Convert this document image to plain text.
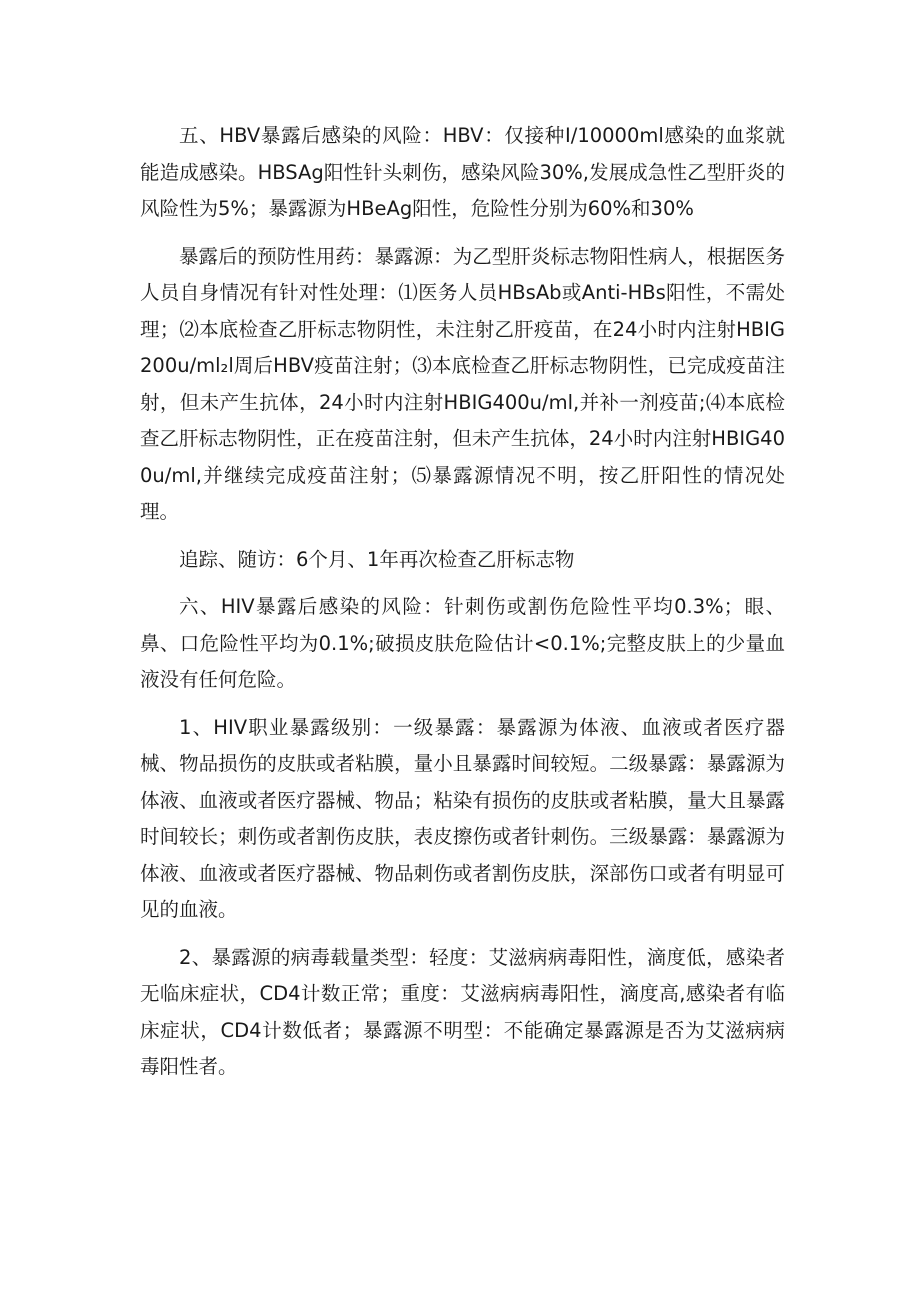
五、HBV暴露后感染的风险：HBV：仅接种I/10000ml感染的血浆就能造成感染。HBSAg阳性针头刺伤，感染风险30%,发展成急性乙型肝炎的风险性为5%；暴露源为HBeAg阳性，危险性分别为60%和30%

暴露后的预防性用药：暴露源：为乙型肝炎标志物阳性病人，根据医务人员自身情况有针对性处理：⑴医务人员HBsAb或Anti-HBs阳性，不需处理；⑵本底检查乙肝标志物阴性，未注射乙肝疫苗，在24小时内注射HBIG200u/ml₂l周后HBV疫苗注射；⑶本底检查乙肝标志物阴性，已完成疫苗注射，但未产生抗体，24小时内注射HBIG400u/ml,并补一剂疫苗;⑷本底检查乙肝标志物阴性，正在疫苗注射，但未产生抗体，24小时内注射HBIG400u/ml,并继续完成疫苗注射；⑸暴露源情况不明，按乙肝阳性的情况处理。

追踪、随访：6个月、1年再次检查乙肝标志物

六、HIV暴露后感染的风险：针刺伤或割伤危险性平均0.3%；眼、鼻、口危险性平均为0.1%;破损皮肤危险估计<0.1%;完整皮肤上的少量血液没有任何危险。

1、HIV职业暴露级别：一级暴露：暴露源为体液、血液或者医疗器械、物品损伤的皮肤或者粘膜，量小且暴露时间较短。二级暴露：暴露源为体液、血液或者医疗器械、物品；粘染有损伤的皮肤或者粘膜，量大且暴露时间较长；刺伤或者割伤皮肤，表皮擦伤或者针刺伤。三级暴露：暴露源为体液、血液或者医疗器械、物品刺伤或者割伤皮肤，深部伤口或者有明显可见的血液。

2、暴露源的病毒载量类型：轻度：艾滋病病毒阳性，滴度低，感染者无临床症状，CD4计数正常；重度：艾滋病病毒阳性，滴度高,感染者有临床症状，CD4计数低者；暴露源不明型：不能确定暴露源是否为艾滋病病毒阳性者。
